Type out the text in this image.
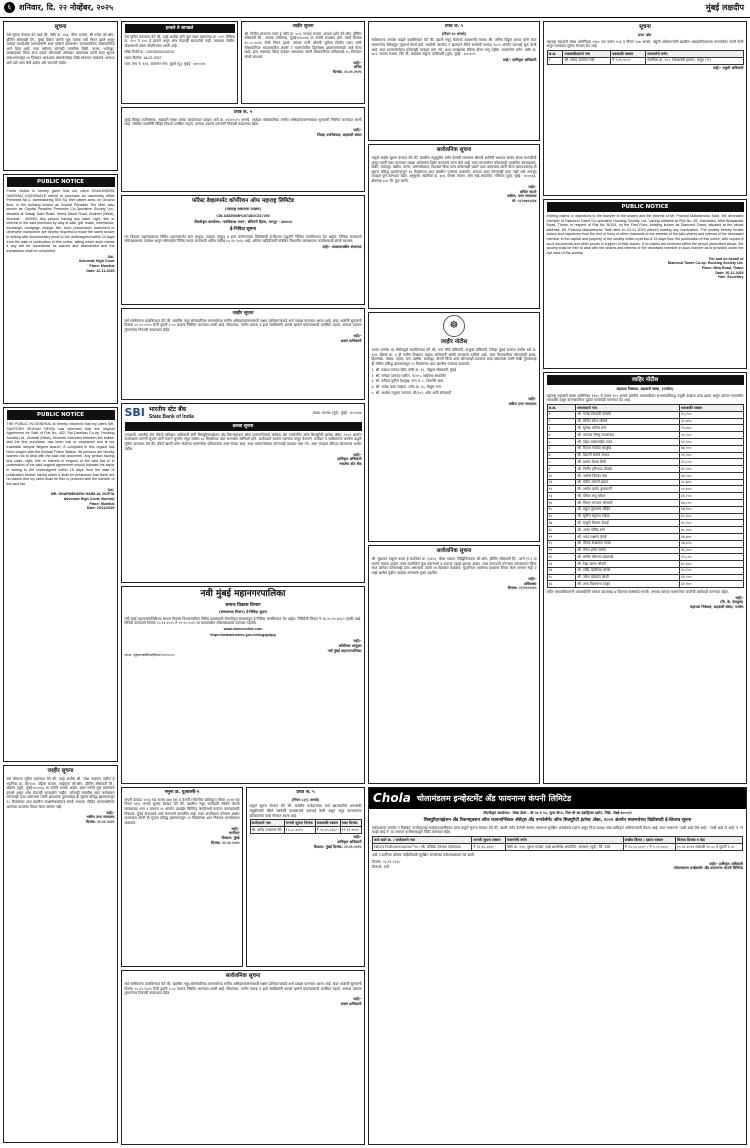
६ शनिवार, दि. २२ नोव्हेंबर, २०२५	मुंबई लक्षदीप
सूचना

येथे सूचना देण्यात येत आहे की, फ्लॅट क्र. ४०६, चौथा मजला, श्री गणेश को-ऑप. हौसिंग सोसायटी लि., मुंबई येथील जागेचे मूळ मालक यांचे निधन झाले असून त्यांच्या कायदेशीर वारसदारांनी सदर फ्लॅटचे हस्तांतरण करण्याकरिता सोसायटीकडे अर्ज केला आहे. सदर फ्लॅटवर कोणाही व्यक्तीचा विक्री, तारण, भाडेपट्टा, वारसाहक्क किंवा अन्य प्रकारे कोणताही अधिकार असल्यास त्यांनी सदर सूचना प्रकाशनापासून १४ दिवसांत आवश्यक दस्तावेजांसह लेखी स्वरुपात कळवावे, अन्यथा असे दावे त्याग केले आहेत असे समजले जाईल.

PUBLIC NOTICE

Public Notice is hereby given that our client SHAILENDRA HANSRAJ KASHIWALE intend to purchase an ownership office Premises No.1, admeasuring 550 Sq. feet carpet area, on Ground floor, in the building known as Crystal Paradise The Mall, also known as Crystal Paradise Premises Co-Operative Society Ltd., situated at Dattaji Salvi Road, Veera Desai Road, Andheri (West), Mumbai - 400053. Any person having any claim, right, title or interest in the said premises by way of sale, gift, lease, inheritance, exchange, mortgage, charge, lien, trust, possession, easement or otherwise howsoever are hereby required to make the same known in writing with documentary proof to the undersigned within 14 days from the date of publication of this notice, failing which such claims if any will be considered as waived and abandoned and the transaction shall be completed.

Sd/-
Advocate High Court
Place: Mumbai
Date: 22-11-2025
PUBLIC NOTICE

THE PUBLIC IN GENERAL is hereby informed that my client MR. SANTOSH MOHAN DESAI has informed that the original Agreement for Sale of Flat No. 402, Sai Darshan Co-op. Housing Society Ltd., Borivali (West), Mumbai, executed between the builder and the first purchaser has been lost or misplaced and is not traceable despite diligent search. A complaint in this regard has been lodged with the Borivali Police Station. All persons are hereby warned not to deal with the said lost document. Any person having any claim, right, title or interest in respect of the said flat or in possession of the said original agreement should intimate the same in writing to the undersigned within 15 days from the date of publication hereof, failing which it shall be presumed that there are no claims and my client shall be free to proceed with the transfer of the said flat.

Sd/-
MR. DHARMENDRA HARILAL GUPTA
Advocate High Court, Borivali
Place: Mumbai
Date: 22/11/2025
जाहीर सूचना

सर्व लोकांना सूचित करण्यात येते की, माझे अशील श्री. रमेश नारायण पाटील हे सदनिका क्र. बी/१०४, पहिला मजला, साईकृपा को-ऑप. हौसिंग सोसायटी लि., दहिसर (पूर्व), मुंबई-४०००६८ या जागेचे मालक आहेत. सदर जागेचे मूळ करारनामे हरवले असून शोध घेऊनही सापडलेले नाहीत. कोणाही व्यक्तीस सदर जागेबाबत कोणताही दावा असल्यास त्यांनी आवश्यक पुराव्यांसह ही सूचना प्रसिद्ध झाल्यापासून १५ दिवसांच्या आत खालील स्वाक्षरीकर्त्याकडे संपर्क साधावा. विहित कालावधीनंतर आलेल्या दाव्यांचा विचार केला जाणार नाही.

सही/-
वकील उच्च न्यायालय
दिनांक: २२.११.२०२५
हरवले ते सापडले

येथे सूचित करण्यात येते की, माझे अशील यांचे मूळ शेअर प्रमाणपत्र क्र. ०२१, विभिन्न क्र. १०१ ते १०५ हे हरवले असून शोध घेऊनही सापडलेले नाही. याबाबत पोलीस स्टेशनमध्ये तक्रार नोंदविण्यात आली आहे.

लॉस्ट रिपोर्ट क्र.: 24015530410015

तक्रार दिनांक: 18-02-2027

पत्ता: रूम नं. ६१२, कामगार नगर, कुर्ला (पू), मुंबई - ४०००२४.

जाहीर सूचना

श्री. दिलीप शांताराम पवार हे फ्लॅट क्र. ५०३, पाचवा मजला, आदर्श दर्शन को-ऑप. हौसिंग सोसायटी लि., मालाड (पश्चिम), मुंबई-४०००६४ या जागेचे सभासद होते. त्यांचे दिनांक १५.०८.२०२४ रोजी निधन झाले. त्यांच्या पत्नी श्रीमती सुनिता दिलीप पवार यांनी सोसायटीच्या भांडवलातील शेअर्स व मालमत्तेतील हितसंबंध हस्तांतरणासाठी अर्ज केला आहे. इतर वारसदार किंवा दावेदार असल्यास त्यांनी सोसायटीच्या सचिवाकडे १५ दिवसांत संपर्क साधावा.

सही/-
सचिव
दिनांक: २२.११.२०२५
प्रपत्र ज. ५
(नियम ३५ अन्वये)

सर्वसामान्य जनतेस याद्वारे कळविण्यात येते की, खाली नमूद केलेल्या मालमत्तेचे मालक श्री. अनिल विठ्ठल जाधव यांनी सदर मालमत्तेवर बँकेकडून गृहकर्ज घेतले होते. कर्जाची परतफेड न झाल्याने बँकेने सरफेसी कायदा २००२ अंतर्गत कारवाई सुरू केली आहे. सदर मालमत्तेसोबत कोणताही व्यवहार करू नये. अशा व्यवहारास बँकेचा बोजा लागू राहील. मालमत्तेचे वर्णन: फ्लॅट क्र. ७०२, सातवा मजला, विंग बी, साईधाम संकुल, कांदिवली (पूर्व), मुंबई - ४००१०१.

सही/- प्राधिकृत अधिकारी
प्रपत्र ज. ५

मुंबई जिल्हा उपनिबंधक, सहकारी संस्था यांच्या कार्यालयात दाखल अर्ज क्र. ४१२/२०२५ अन्वये, अर्जदार सोसायटीच्या मानीव अभिहस्तांतरणाबाबत सुनावणी निश्चित करण्यात आली आहे. संबंधित व्यक्तींनी विहित दिवशी उपस्थित राहावे, अन्यथा प्रकरण एकतर्फी निकाली काढण्यात येईल.

सही/-
जिल्हा उपनिबंधक, सहकारी संस्था
सार्वजनिक सूचना

याद्वारे जाहीर सूचना देण्यात येते की, खालील अनुसूचीत वर्णन केलेली मालमत्ता श्रीमती शालिनी प्रभाकर सावंत यांच्या मालकीची असून त्यांनी सदर मालमत्ता माझ्या अशिलांना विक्री करण्याचे मान्य केले आहे. सदर मालमत्तेवर कोणत्याही व्यक्तीचा वारसाहक्क, विक्री, भाडेपट्टा, बक्षीस, तारण, धारणाधिकार, विश्वस्त किंवा अन्य कोणत्याही प्रकारे दावा असल्यास त्यांनी योग्य कागदपत्रांसह ही सूचना प्रसिद्ध झाल्यापासून १४ दिवसांच्या आत खालील पत्त्यावर कळवावे. अन्यथा असा कोणताही दावा नाही असे समजून व्यवहार पूर्ण करण्यात येईल. अनुसूची: सदनिका क्र. ३०४, तिसरा मजला, ओम साई अपार्टमेंट, गोरेगाव (पूर्व), मुंबई - ४०००६३, क्षेत्रफळ ४५० चौ. फूट कार्पेट.

सही/-
अर्पिता कटारे
वकील, उच्च न्यायालय
मो: ९८२०७१५३१४
फॉरेस्ट डेव्हलपमेंट कॉर्पोरेशन ऑफ महाराष्ट्र लिमिटेड
(महाराष्ट्र शासनाचा उपक्रम)
CIN-U45200MH1974SGC017200
नोंदणीकृत कार्यालय: 'वनविकास भवन', सेमिनरी हिल्स, नागपूर - ४४०००६
ई-निविदा सूचना

वन विकास महामंडळाच्या विविध प्रकल्पांतर्गत साग लाकूड, जळाऊ लाकूड व इतर वनोपजाच्या विक्रीसाठी ई-लिलाव पद्धतीने निविदा मागविण्यात येत आहेत. निविदा कागदपत्रे संकेतस्थळावर उपलब्ध असून ऑनलाईन निविदा सादर करण्याची अंतिम तारीख ०५.१२.२०२५ आहे. अधिक माहितीसाठी संबंधित विभागीय व्यवस्थापक कार्यालयाशी संपर्क साधावा.

सही/- व्यवस्थापकीय संचालक
जाहीर सूचना

सर्व संबंधितांना कळविण्यात येते की, खालील नमूद सोसायटीच्या मालमत्तेच्या मानीव अभिहस्तांतरणासाठी सक्षम प्राधिकाऱ्याकडे अर्ज दाखल करण्यात आला आहे. सदर अर्जाची सुनावणी दिनांक ०५.१२.२०२५ रोजी दुपारी ३.०० वाजता निश्चित करण्यात आली आहे. विकासक, जमीन मालक व इतर संबंधितांनी आपले म्हणणे मांडण्यासाठी उपस्थित राहावे, अन्यथा प्रकरण गुणवत्तेवर निकाली काढण्यात येईल.

सही/-
सक्षम प्राधिकारी
SBI भारतीय स्टेट बँक
State Bank of India
शाखा: मालाड (पूर्व), मुंबई - ४०००९७
कब्जा सूचना

ज्याअर्थी, भारतीय स्टेट बँकेचे प्राधिकृत अधिकारी यांनी सिक्युरिटायझेशन अँड रिकन्स्ट्रक्शन ऑफ फायनान्शियल ॲसेट्स अँड एन्फोर्समेंट ऑफ सिक्युरिटी इंटरेस्ट ॲक्ट, २००२ अंतर्गत कर्जदारास मागणी सूचना जारी करून सूचनेत नमूद रक्कम ६० दिवसांच्या आत भरण्यास सांगितले होते. कर्जदाराने रक्कम भरण्यात कसूर केल्याने, कर्जदार व सर्वसामान्य जनतेस याद्वारे सूचित करण्यात येते की, बँकेने खाली वर्णन केलेल्या मालमत्तेचा प्रतिकात्मक ताबा घेतला आहे. सदर मालमत्तेसोबत कोणताही व्यवहार करू नये, असा व्यवहार बँकेच्या बोज्याच्या अधीन राहील.

सही/-
प्राधिकृत अधिकारी
भारतीय स्टेट बँक
नवी मुंबई महानगरपालिका
समाज विकास विभाग
(संस्थात्मक विभाग) ई-निविदा सूचना

नवी मुंबई महानगरपालिकेच्या समाज विकास विभागाकरिता विविध कामांसाठी नोंदणीकृत संस्थांकडून ई-निविदा मागविण्यात येत आहेत. निविदेची किंमत ₹ १४,२५,१०,७५२/- इतकी आहे. निविदा कागदपत्रे दिनांक २५.११.२०२५ ते ०९.१२.२०२५ या कालावधीत संकेतस्थळावर उपलब्ध राहतील.

www.nmmconline.com

https://mahatenders.gov.in/nicgep/app

सही/-
अतिरिक्त आयुक्त
नवी मुंबई महानगरपालिका

जा.क्र. नमुंमपा/जसंवि/जाहिरात/१२५९/२०२५

☸
जाहीर नोटीस

तमाम जनतेस या नोटीसद्वारे कळविण्यात येते की, गाव मौजे बोरिवली, तालुका बोरिवली, जिल्हा मुंबई उपनगर येथील सर्वे क्र. १२४, हिस्सा क्र. ३ ही जमीन मिळकत माझ्या अशिलांनी खरेदी करण्याचे ठरविले आहे. सदर मिळकतीवर कोणाचाही हक्क, हितसंबंध, वारसा, गहाण, दान, बक्षीस, भाडेपट्टा, पोटगी किंवा अन्य कोणत्याही प्रकारचा दावा असल्यास त्यांनी लेखी पुराव्यासह ही नोटीस प्रसिद्ध झाल्यापासून १५ दिवसांच्या आत खालील पत्त्यावर कळवावे.

१. श्री. प्रकाश गणपत शिंदे, फ्लॅट क्र. ११, गोकुळ सोसायटी, मुंबई

२. श्री. मनोहर दत्तात्रय पाटील, ए/२०५, साईनाथ अपार्टमेंट

३. सौ. कविता सुनील देशमुख, रूम नं. ८, शिवनेरी चाळ

४. श्री. राजेश बबन चव्हाण, प्लॉट क्र. ४५, विठ्ठल नगर

५. श्री. अशोक मधुकर जगताप, बी/३०२, ओम शांती सोसायटी

सही/-
वकील उच्च न्यायालय
सार्वजनिक सूचना

श्री. सुधाकर पांडुरंग कदम हे सदनिका क्र. ए/४०२, चौथा मजला, सिद्धिविनायक को-ऑप. हौसिंग सोसायटी लि., ठाणे (प.) या जागेचे मालक आहेत. सदर सदनिकेचे मूळ करारनामे व पावत्या गहाळ झाल्या आहेत. सदर कागदपत्रे कोणाला सापडल्यास किंवा सदर जागेवर कोणाचाही दावा असल्यास त्यांनी १४ दिवसांत कळवावे. मुदतीनंतर आलेल्या दाव्यांचा विचार केला जाणार नाही व माझे अशील पुढील व्यवहार करण्यास मुक्त राहतील.

सही/-
अधिवक्ता
दिनांक: २२/११/२०२५
सूचना
प्रपत्र 'झेड'

महाराष्ट्र सहकारी संस्था अधिनियम १९६० च्या कलम १५६ व नियम १०७ अन्वये, वसुली अधिकाऱ्यांनी खालील थकबाकीदाराच्या मालमत्तेवर जप्ती केली असून त्याबाबत सूचना देण्यात येत आहे.

अ.क्र.	थकबाकीदाराचे नाव	थकबाकी रक्कम	मालमत्तेचे वर्णन
१	श्री. संजय नारायण मोरे	₹ २,४५,६००/-	सदनिका क्र. १०२, शिवशक्ती इमारत, भांडुप (प.)
सही/- वसुली अधिकारी
PUBLIC NOTICE

Inviting claims or objections to the transfer of the shares and the interest of Mr. Pramod Mahadeorao Tade, the deceased member of Diamond Tower Co-operative Housing Society Ltd., having address at Plot No. 25, Kashimira, Mira Bhayandar Road, Thane, in respect of Flat No. B/104, on the First Floor, building known as Diamond Tower, situated at the above address. Mr. Pramod Mahadeorao Tade died on 02-01-2019 without making any nomination. The society hereby invites claims and objections from the heir or heirs or other claimants to the transfer of the said shares and interest of the deceased member in the capital and property of the society within a period of 15 days from the publication of this notice, with copies of such documents and other proofs in support of their claims. If no claims are received within the period prescribed above, the society shall be free to deal with the shares and interest of the deceased member in such manner as is provided under the bye-laws of the society.

For and on behalf of
Diamond Tower Co-op. Housing Society Ltd.
Place: Mira Road, Thane
Date: 20-11-2025
Hon. Secretary
जाहिर नोटीस
सहायक निबंधक, सहकारी संस्था, (पनवेल)

महाराष्ट्र सहकारी संस्था अधिनियम १९६० चे कलम १०१ अन्वये खालील थकबाकीदार सभासदांविरुद्ध वसुली दाखला प्राप्त झाला असून त्यांच्या नावावरील थकबाकी वसूल करण्याकरिता पुढील कार्यवाही करण्यात येत आहे.

अ.क्र.	सभासदाचे नाव	थकबाकी रक्कम
१	श्री. गणेश शिवाजी कांबळे	४५,२००
२	श्री. सचिन रमेश भोसले	३८,७५०
३	सौ. सुरेखा अनिल माने	२९,४००
४	श्री. दत्तात्रय विष्णू गायकवाड	५२,१००
५	श्री. महेश बाळासाहेब पवार	३१,६५०
६	श्री. विजय नामदेव साळुंखे	४७,९००
७	सौ. वैशाली संतोष जाधव	२६,३००
८	श्री. प्रशांत केशव शिर्के	३९,८५०
९	श्री. नितीन हरिभाऊ लोखंडे	४१,२००
१०	श्री. अमोल दिगंबर वाघ	३३,५००
११	श्री. संदीप मारुती खरात	२८,७००
१२	सौ. अर्चना प्रमोद कुलकर्णी	५०,४००
१३	श्री. योगेश बापू थोरात	३६,१५०
१४	श्री. किरण भगवान सोनवणे	४४,८००
१५	श्री. राहुल तुकाराम मोहिते	२७,६००
१६	श्री. सुनील रघुनाथ नाईक	४२,३५०
१७	सौ. माधुरी विलास देसाई	३०,९००
१८	श्री. अनंत गोविंद राणे	४८,२५०
१९	श्री. भरत लक्ष्मण इंगळे	३४,७००
२०	श्री. दीपक सखाराम गावडे	३७,४५०
२१	श्री. मंगेश शंकर सावंत	४६,१००
२२	श्री. संतोष भीमराव खंडागळे	२९,८००
२३	सौ. रेखा अरुण चौधरी	४०,६००
२४	श्री. रवींद्र पंढरीनाथ बोरसे	३५,२५०
२५	श्री. उमेश चंद्रकांत जोशी	४३,९००
२६	श्री. शरद विश्वनाथ ठाकूर	३२,४००

वरील थकबाकीदारांनी थकबाकीची रक्कम व्याजासह ७ दिवसांत संस्थेकडे भरावी, अन्यथा त्यांच्या मालमत्तेवर जप्तीची कार्यवाही करण्यात येईल.

सही/-
(वि. के. देशमुख)
सहायक निबंधक, सहकारी संस्था, पनवेल
नमुना क्र. युआरसी-२

कंपनी कायदा २०१३ च्या कलम ३७४ (ब) व कंपनी (नोंदणीस प्राधिकृत) नियम २०१४ च्या नियम ४(१) अन्वये सूचना देण्यात येते की, खालील नमूद भागीदारी संस्थेचे कंपनी कायद्याच्या भाग १ प्रकरण २१ अंतर्गत प्रायव्हेट लिमिटेड कंपनीमध्ये रूपांतर करण्यासाठी निबंधक, मुंबई यांच्याकडे अर्ज करण्याचे प्रस्तावित आहे. सदर अर्जाबाबत कोणास आक्षेप असल्यास त्यांनी ही सूचना प्रसिद्ध झाल्यापासून २१ दिवसांच्या आत निबंधक कार्यालयास कळवावे.

सही/-
भागीदार
ठिकाण: मुंबई
दिनांक: २२.११.२०२५
प्रपत्र ज. ५
(नियम ८(१) अन्वये)

याद्वारे सूचना देण्यात येते की, खालील कर्जदारांच्या कर्ज खात्यावरील थकबाकी वसुलीसाठी बँकेने सरफेसी कायद्यान्वये कारवाई केली असून नमूद मालमत्तांचा प्रतिकात्मक ताबा घेण्यात आला आहे.

कर्जदाराचे नाव	मागणी सूचना दिनांक	थकबाकी रक्कम	ताबा दिनांक
श्री. प्रमोद राजाराम गोरे	१२.०८.२०२५	₹ १८,४५,२३०/-	१९.११.२०२५
सही/-
प्राधिकृत अधिकारी
ठिकाण: मुंबई दिनांक: २२.११.२०२५
Chola चोलामंडलम इन्व्हेस्टमेंट अँड फायनान्स कंपनी लिमिटेड
नोंदणीकृत कार्यालय: 'चोला क्रेस्ट', सी ५४ व ५५, सुपर बी-४, थिरु-वी-का इंडस्ट्रियल इस्टेट, गिंडी, चेन्नई-६०००३२
सिक्युरिटायझेशन अँड रिकन्स्ट्रक्शन ऑफ फायनान्शियल ॲसेट्स अँड एन्फोर्समेंट ऑफ सिक्युरिटी इंटरेस्ट ॲक्ट, २००२ अंतर्गत मालमत्तेच्या विक्रीसाठी ई-लिलाव सूचना

सर्वसामान्य जनतेस व विशेषतः कर्जदार/सह-कर्जदार/जामीनदार यांना याद्वारे सूचना देण्यात येते की, खाली वर्णन केलेली स्थावर मालमत्ता सुरक्षित धनकोकडे गहाण असून तिचा प्रत्यक्ष ताबा प्राधिकृत अधिकाऱ्यांनी घेतला आहे. सदर मालमत्ता 'जशी आहे जेथे आहे', 'जशी आहे जे आहे' व 'जे काही आहे ते' या तत्त्वावर ई-लिलावाद्वारे विक्री करण्यात येईल.

कर्ज खाते क्र. / कर्जदाराचे नाव	मागणी सूचना रक्कम	मालमत्तेचे वर्णन	राखीव किंमत / इसारा रक्कम	लिलाव दिनांक व वेळ
HE01TNE00000006776 / श्री. मच्छिंद्र एकनाथ गायकवाड	₹ २२,६५,८४२/-	फ्लॅट क्र. २०३, दुसरा मजला, साई आशीर्वाद अपार्टमेंट, कल्याण (पूर्व), जि. ठाणे	₹ १५,५०,०००/- / ₹ १,५५,०००/-	१०.१२.२०२५ सकाळी ११.०० ते दुपारी १.००

अटी व शर्तींच्या अधिक माहितीसाठी सुरक्षित धनकोच्या संकेतस्थळाला भेट द्यावी.

दिनांक: २२.११.२०२५
ठिकाण: ठाणे
सही/- प्राधिकृत अधिकारी
चोलामंडलम इन्व्हेस्टमेंट अँड फायनान्स कंपनी लिमिटेड
सार्वजनिक सूचना

सर्व संबंधितांना कळविण्यात येते की, खालील नमूद सोसायटीच्या मालमत्तेच्या मानीव अभिहस्तांतरणासाठी सक्षम प्राधिकाऱ्याकडे अर्ज दाखल करण्यात आला आहे. सदर अर्जाची सुनावणी दिनांक ०५.१२.२०२५ रोजी दुपारी ३.०० वाजता निश्चित करण्यात आली आहे. विकासक, जमीन मालक व इतर संबंधितांनी आपले म्हणणे मांडण्यासाठी उपस्थित राहावे, अन्यथा प्रकरण गुणवत्तेवर निकाली काढण्यात येईल.

सही/-
सक्षम प्राधिकारी
